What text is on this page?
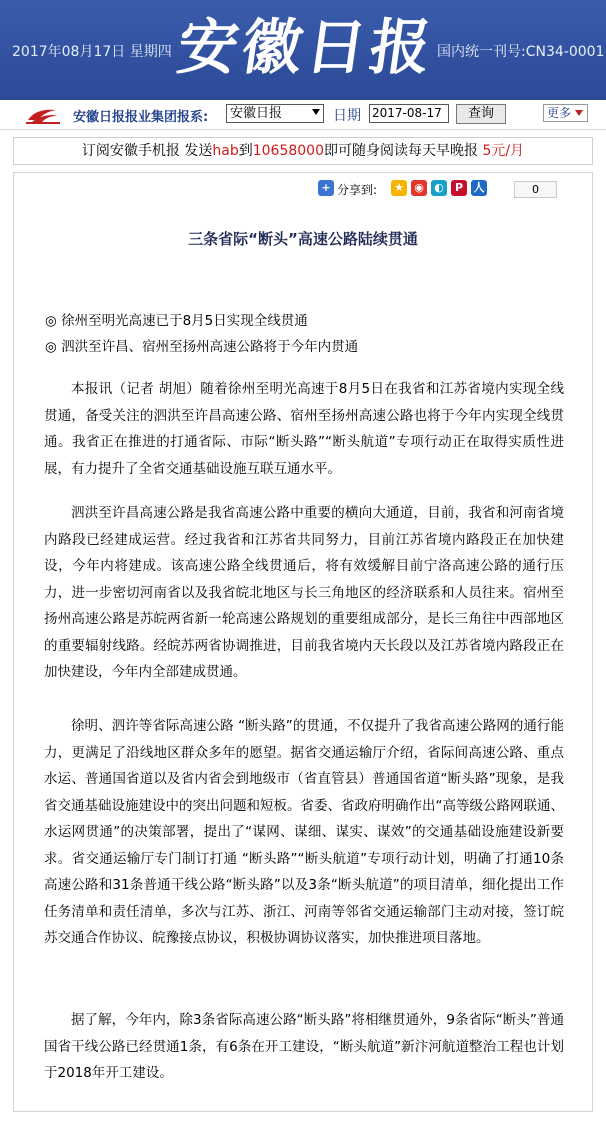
2017年08月17日 星期四 安徽日报
国内统一刊号:CN34-0001
安徽日报报业集团报系:	安徽日报	日期 2017-08-17	查询	更多
订阅安徽手机报 发送hab到10658000即可随身阅读每天早晚报 5元/月
+ 分享到: ★ ◉ ◐	P 人	0
三条省际“断头”高速公路陆续贯通
◎ 徐州至明光高速已于8月5日实现全线贯通
◎ 泗洪至许昌、宿州至扬州高速公路将于今年内贯通
本报讯（记者 胡旭）随着徐州至明光高速于8月5日在我省和江苏省境内实现全线贯通，备受关注的泗洪至许昌高速公路、宿州至扬州高速公路也将于今年内实现全线贯通。我省正在推进的打通省际、市际“断头路”“断头航道”专项行动正在取得实质性进展，有力提升了全省交通基础设施互联互通水平。
泗洪至许昌高速公路是我省高速公路中重要的横向大通道，目前，我省和河南省境内路段已经建成运营。经过我省和江苏省共同努力，目前江苏省境内路段正在加快建设，今年内将建成。该高速公路全线贯通后，将有效缓解目前宁洛高速公路的通行压力，进一步密切河南省以及我省皖北地区与长三角地区的经济联系和人员往来。宿州至扬州高速公路是苏皖两省新一轮高速公路规划的重要组成部分，是长三角往中西部地区的重要辐射线路。经皖苏两省协调推进，目前我省境内天长段以及江苏省境内路段正在加快建设，今年内全部建成贯通。
徐明、泗许等省际高速公路 “断头路”的贯通，不仅提升了我省高速公路网的通行能力，更满足了沿线地区群众多年的愿望。据省交通运输厅介绍，省际间高速公路、重点水运、普通国省道以及省内省会到地级市（省直管县）普通国省道“断头路”现象，是我省交通基础设施建设中的突出问题和短板。省委、省政府明确作出“高等级公路网联通、水运网贯通”的决策部署，提出了“谋网、谋细、谋实、谋效”的交通基础设施建设新要求。省交通运输厅专门制订打通 “断头路”“断头航道”专项行动计划，明确了打通10条高速公路和31条普通干线公路“断头路”以及3条“断头航道”的项目清单，细化提出工作任务清单和责任清单，多次与江苏、浙江、河南等邻省交通运输部门主动对接，签订皖苏交通合作协议、皖豫接点协议，积极协调协议落实，加快推进项目落地。
据了解，今年内，除3条省际高速公路“断头路”将相继贯通外，9条省际“断头”普通国省干线公路已经贯通1条，有6条在开工建设，“断头航道”新汴河航道整治工程也计划于2018年开工建设。
